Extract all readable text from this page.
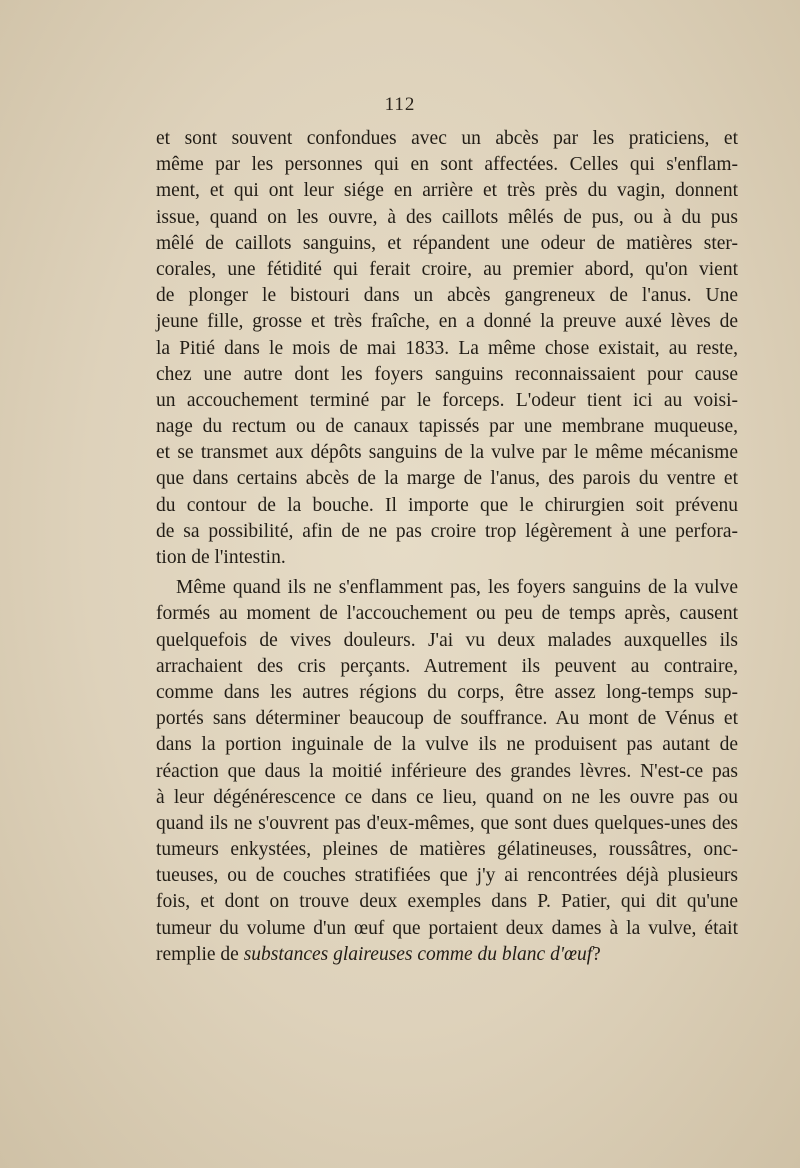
112
et sont souvent confondues avec un abcès par les praticiens, et
même par les personnes qui en sont affectées. Celles qui s'enflam-
ment, et qui ont leur siége en arrière et très près du vagin, donnent
issue, quand on les ouvre, à des caillots mêlés de pus, ou à du pus
mêlé de caillots sanguins, et répandent une odeur de matières ster-
corales, une fétidité qui ferait croire, au premier abord, qu'on vient
de plonger le bistouri dans un abcès gangreneux de l'anus. Une
jeune fille, grosse et très fraîche, en a donné la preuve auxé lèves de
la Pitié dans le mois de mai 1833. La même chose existait, au reste,
chez une autre dont les foyers sanguins reconnaissaient pour cause
un accouchement terminé par le forceps. L'odeur tient ici au voisi-
nage du rectum ou de canaux tapissés par une membrane muqueuse,
et se transmet aux dépôts sanguins de la vulve par le même mécanisme
que dans certains abcès de la marge de l'anus, des parois du ventre et
du contour de la bouche. Il importe que le chirurgien soit prévenu
de sa possibilité, afin de ne pas croire trop légèrement à une perfora-
tion de l'intestin.
Même quand ils ne s'enflamment pas, les foyers sanguins de la vulve
formés au moment de l'accouchement ou peu de temps après, causent
quelquefois de vives douleurs. J'ai vu deux malades auxquelles ils
arrachaient des cris perçants. Autrement ils peuvent au contraire,
comme dans les autres régions du corps, être assez long-temps sup-
portés sans déterminer beaucoup de souffrance. Au mont de Vénus et
dans la portion inguinale de la vulve ils ne produisent pas autant de
réaction que daus la moitié inférieure des grandes lèvres. N'est-ce pas
à leur dégénérescence ce dans ce lieu, quand on ne les ouvre pas ou
quand ils ne s'ouvrent pas d'eux-mêmes, que sont dues quelques-unes des
tumeurs enkystées, pleines de matières gélatineuses, roussâtres, onc-
tueuses, ou de couches stratifiées que j'y ai rencontrées déjà plusieurs
fois, et dont on trouve deux exemples dans P. Patier, qui dit qu'une
tumeur du volume d'un œuf que portaient deux dames à la vulve, était
remplie de substances glaireuses comme du blanc d'œuf?
